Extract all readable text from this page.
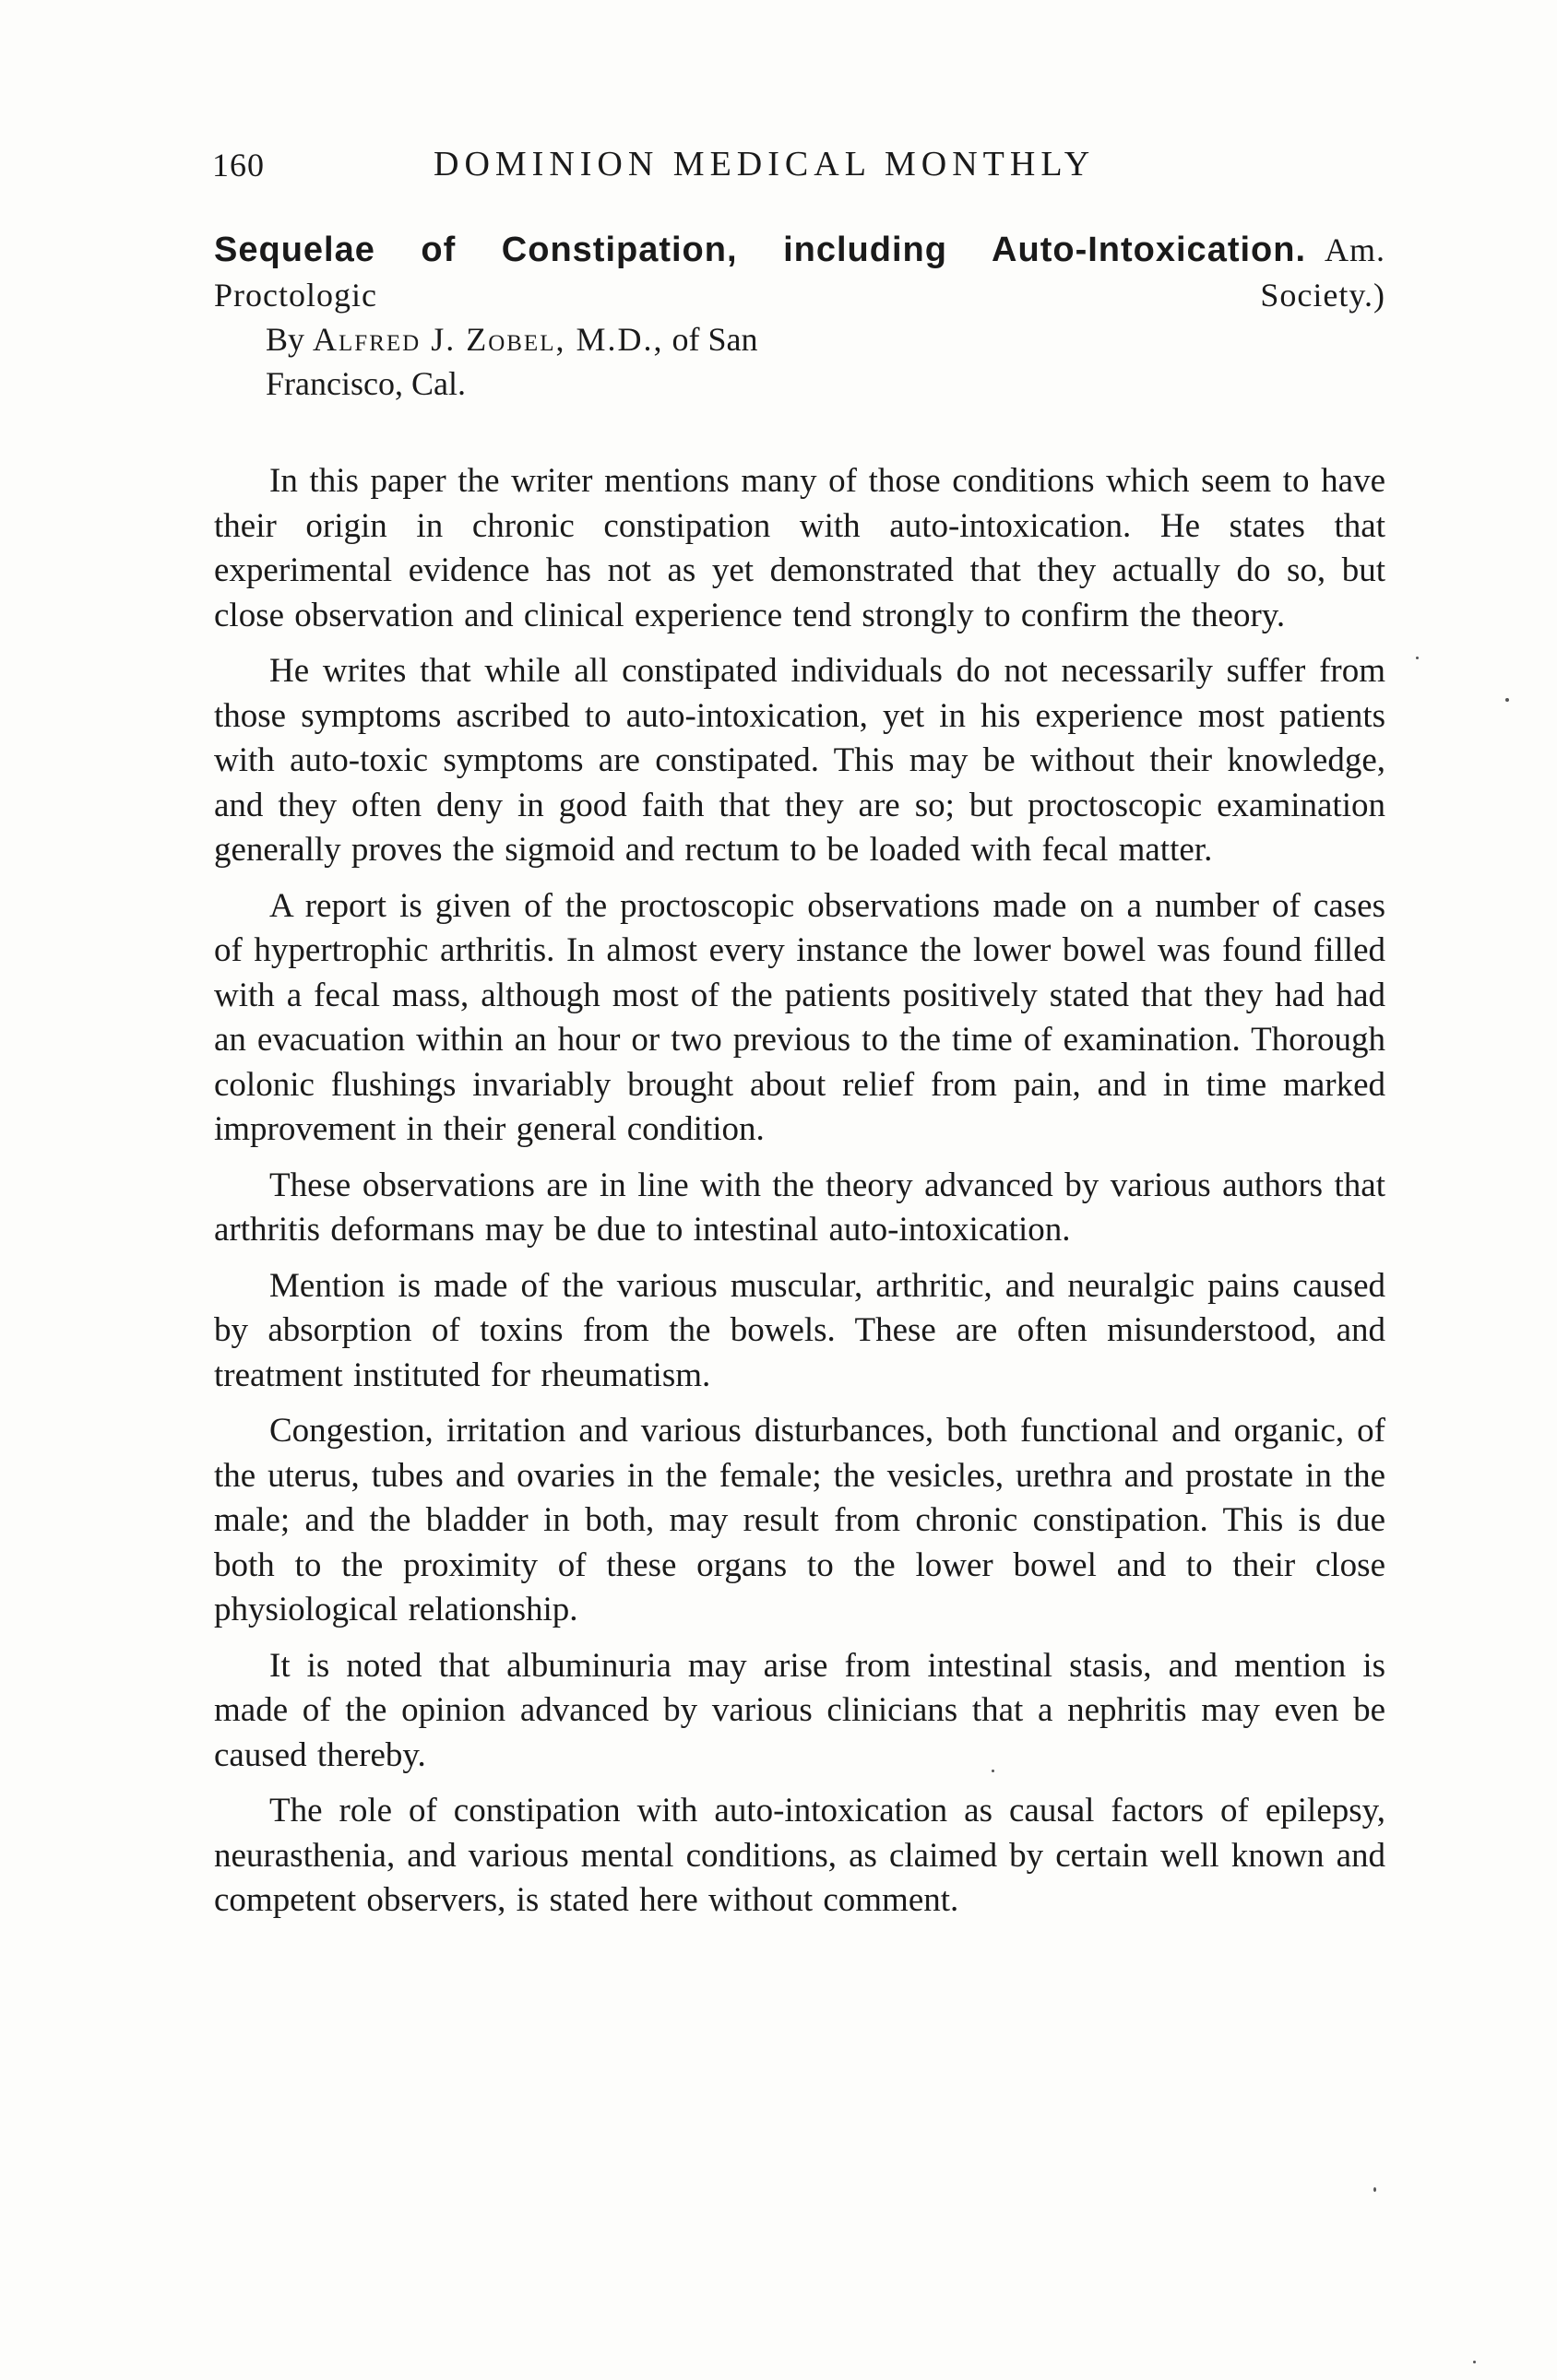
160	DOMINION MEDICAL MONTHLY

Sequelae of Constipation, including Auto-Intoxication. Am. Proctologic Society.)

By Alfred J. Zobel, M.D., of San

Francisco, Cal.

In this paper the writer mentions many of those conditions which seem to have their origin in chronic constipation with auto-intoxication. He states that experimental evidence has not as yet demonstrated that they actually do so, but close observation and clinical experience tend strongly to confirm the theory.

He writes that while all constipated individuals do not necessarily suffer from those symptoms ascribed to auto-intoxication, yet in his experience most patients with auto-toxic symptoms are constipated. This may be without their knowledge, and they often deny in good faith that they are so; but proctoscopic examination generally proves the sigmoid and rectum to be loaded with fecal matter.

A report is given of the proctoscopic observations made on a number of cases of hypertrophic arthritis. In almost every instance the lower bowel was found filled with a fecal mass, although most of the patients positively stated that they had had an evacuation within an hour or two previous to the time of examination. Thorough colonic flushings invariably brought about relief from pain, and in time marked improvement in their general condition.

These observations are in line with the theory advanced by various authors that arthritis deformans may be due to intestinal auto-intoxication.

Mention is made of the various muscular, arthritic, and neuralgic pains caused by absorption of toxins from the bowels. These are often misunderstood, and treatment instituted for rheumatism.

Congestion, irritation and various disturbances, both functional and organic, of the uterus, tubes and ovaries in the female; the vesicles, urethra and prostate in the male; and the bladder in both, may result from chronic constipation. This is due both to the proximity of these organs to the lower bowel and to their close physiological relationship.

It is noted that albuminuria may arise from intestinal stasis, and mention is made of the opinion advanced by various clinicians that a nephritis may even be caused thereby.

The role of constipation with auto-intoxication as causal factors of epilepsy, neurasthenia, and various mental conditions, as claimed by certain well known and competent observers, is stated here without comment.
